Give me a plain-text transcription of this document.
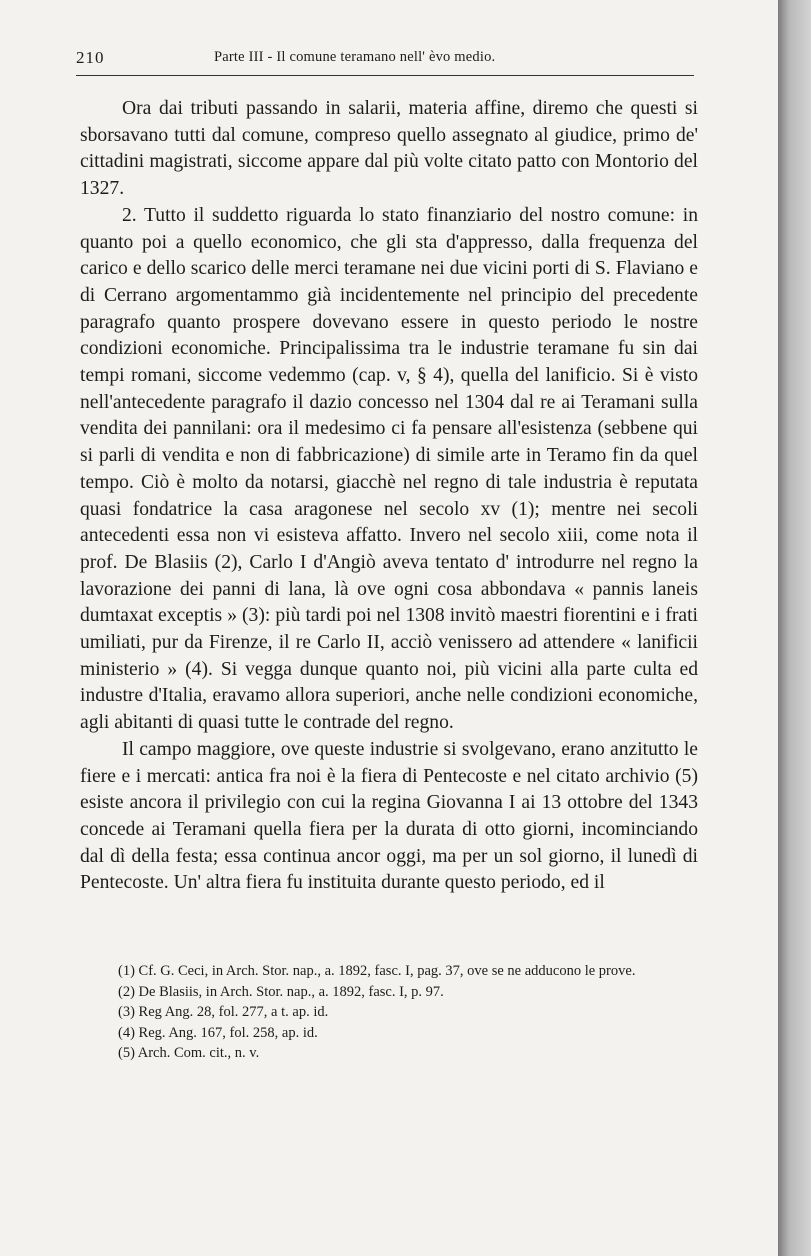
210	Parte III - Il comune teramano nell' èvo medio.

Ora dai tributi passando in salarii, materia affine, diremo che questi si sborsavano tutti dal comune, compreso quello assegnato al giudice, primo de' cittadini magistrati, siccome appare dal più volte citato patto con Montorio del 1327.

2. Tutto il suddetto riguarda lo stato finanziario del nostro comune: in quanto poi a quello economico, che gli sta d'appresso, dalla frequenza del carico e dello scarico delle merci teramane nei due vicini porti di S. Flaviano e di Cerrano argomentammo già incidentemente nel principio del precedente paragrafo quanto prospere dovevano essere in questo periodo le nostre condizioni economiche. Principalissima tra le industrie teramane fu sin dai tempi romani, siccome vedemmo (cap. v, § 4), quella del lanificio. Si è visto nell'antecedente paragrafo il dazio concesso nel 1304 dal re ai Teramani sulla vendita dei pannilani: ora il medesimo ci fa pensare all'esistenza (sebbene qui si parli di vendita e non di fabbricazione) di simile arte in Teramo fin da quel tempo. Ciò è molto da notarsi, giacchè nel regno di tale industria è reputata quasi fondatrice la casa aragonese nel secolo xv (1); mentre nei secoli antecedenti essa non vi esisteva affatto. Invero nel secolo xiii, come nota il prof. De Blasiis (2), Carlo I d'Angiò aveva tentato d' introdurre nel regno la lavorazione dei panni di lana, là ove ogni cosa abbondava « pannis laneis dumtaxat exceptis » (3): più tardi poi nel 1308 invitò maestri fiorentini e i frati umiliati, pur da Firenze, il re Carlo II, acciò venissero ad attendere « lanificii ministerio » (4). Si vegga dunque quanto noi, più vicini alla parte culta ed industre d'Italia, eravamo allora superiori, anche nelle condizioni economiche, agli abitanti di quasi tutte le contrade del regno.

Il campo maggiore, ove queste industrie si svolgevano, erano anzitutto le fiere e i mercati: antica fra noi è la fiera di Pentecoste e nel citato archivio (5) esiste ancora il privilegio con cui la regina Giovanna I ai 13 ottobre del 1343 concede ai Teramani quella fiera per la durata di otto giorni, incominciando dal dì della festa; essa continua ancor oggi, ma per un sol giorno, il lunedì di Pentecoste. Un' altra fiera fu instituita durante questo periodo, ed il

(1) Cf. G. Ceci, in Arch. Stor. nap., a. 1892, fasc. I, pag. 37, ove se ne adducono le prove.

(2) De Blasiis, in Arch. Stor. nap., a. 1892, fasc. I, p. 97.

(3) Reg Ang. 28, fol. 277, a t. ap. id.

(4) Reg. Ang. 167, fol. 258, ap. id.

(5) Arch. Com. cit., n. v.
